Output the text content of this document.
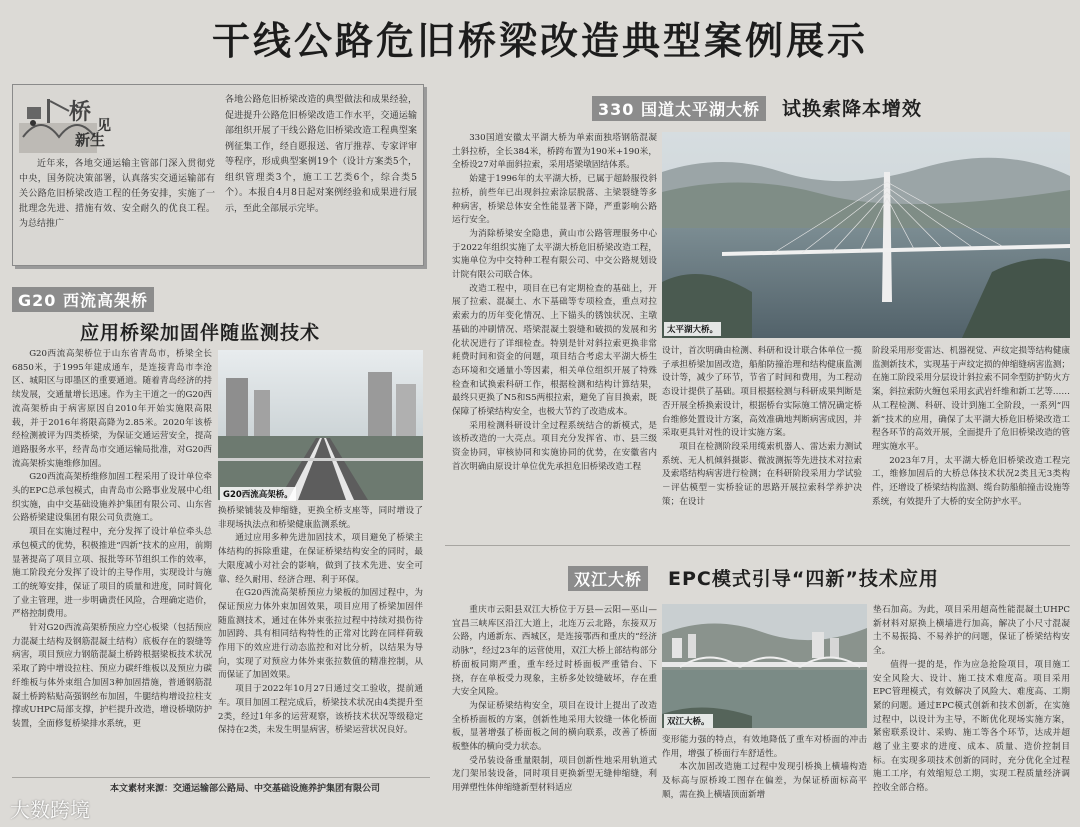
干线公路危旧桥梁改造典型案例展示
桥
见
新生

近年来，各地交通运输主管部门深入贯彻党中央，国务院决策部署，认真落实交通运输部有关公路危旧桥梁改造工程的任务安排，实施了一批理念先进、措施有效、安全耐久的优良工程。为总结推广

各地公路危旧桥梁改造的典型做法和成果经验，促进提升公路危旧桥梁改造工作水平，交通运输部组织开展了干线公路危旧桥梁改造工程典型案例征集工作，经自愿报送、省厅推荐、专家评审等程序，形成典型案例19个（设计方案类5个，组织管理类3个，施工工艺类6个，综合类5个）。本报自4月8日起对案例经验和成果进行展示，至此全部展示完毕。

G20 西流高架桥
应用桥梁加固伴随监测技术

G20西流高架桥位于山东省青岛市，桥梁全长6850米，于1995年建成通车，是连接青岛市李沧区、城阳区与即墨区的重要通道。随着青岛经济的持续发展，交通量增长迅速。作为主干道之一的G20西流高架桥由于病害原因自2010年开始实施限高限载，并于2016年将限高降为2.85米。2020年该桥经检测被评为四类桥梁，为保证交通运营安全，提高道路服务水平，经青岛市交通运输局批准，对G20西流高架桥实施维修加固。

G20西流高架桥维修加固工程采用了设计单位牵头的EPC总承包模式，由青岛市公路事业发展中心组织实施，由中交基础设施养护集团有限公司、山东省公路桥梁建设集团有限公司负责施工。

项目在实施过程中，充分发挥了设计单位牵头总承包模式的优势，积极推进“四新”技术的应用，前期显著提高了项目立项、报批等环节组织工作的效率，施工阶段充分发挥了设计的主导作用，实现设计与施工的统筹安排，保证了项目的质量和进度，同时简化了业主管理，进一步明确责任风险，合理确定造价，严格控制费用。

针对G20西流高架桥预应力空心板梁（包括预应力混凝土结构及钢筋混凝土结构）底板存在的裂缝等病害，项目预应力钢筋混凝土桥跨根据梁板技术状况采取了跨中增设拉柱、预应力碳纤维板以及预应力碳纤维板与体外束组合加固3种加固措施，普通钢筋混凝土桥跨粘贴高强钢丝布加固，牛腿结构增设拉柱支撑或UHPC局部支撑，护栏提升改造，增设桥墩防护装置，全面修复桥梁排水系统，更

G20西流高架桥。

换桥梁铺装及伸缩缝，更换全桥支座等，同时增设了非现场执法点和桥梁健康监测系统。

通过应用多种先进加固技术，项目避免了桥梁主体结构的拆除重建，在保证桥梁结构安全的同时，最大限度减小对社会的影响，做到了技术先进、安全可靠、经久耐用、经济合理、利于环保。

在G20西流高架桥预应力梁板的加固过程中，为保证预应力体外束加固效果，项目应用了桥梁加固伴随监测技术，通过在体外束张拉过程中持续对损伤待加固跨、具有相同结构特性的正常对比跨在同样荷载作用下的效应进行动态监控和对比分析，以结果为导向，实现了对预应力体外束张拉数值的精准控制，从而保证了加固效果。

项目于2022年10月27日通过交工验收，提前通车。项目加固工程完成后，桥梁技术状况由4类提升至2类，经过1年多的运营观察，该桥技术状况等级稳定保持在2类，未发生明显病害，桥梁运营状况良好。

本文素材来源：交通运输部公路局、中交基础设施养护集团有限公司
330 国道太平湖大桥	试换索降本增效

330国道安徽太平湖大桥为单索面独塔钢筋混凝土斜拉桥，全长384米，桥跨布置为190米+190米，全桥设27对单面斜拉索，采用塔梁墩固结体系。

始建于1996年的太平湖大桥，已属于超龄服役斜拉桥，前些年已出现斜拉索涂层脱落、主梁裂缝等多种病害，桥梁总体安全性能显著下降，严重影响公路运行安全。

为消除桥梁安全隐患，黄山市公路管理服务中心于2022年组织实施了太平湖大桥危旧桥梁改造工程，实施单位为中交特种工程有限公司、中交公路规划设计院有限公司联合体。

改造工程中，项目在已有定期检查的基础上，开展了拉索、混凝土、水下基础等专项检查，重点对拉索索力的历年变化情况、上下锚头的锈蚀状况、主墩基础的冲刷情况、塔梁混凝土裂缝和破损的发展和劣化状况进行了详细检查。特别是针对斜拉索更换非常耗费时间和资金的问题，项目结合考虑太平湖大桥生态环境和交通量小等因素，相关单位组织开展了特殊检查和试换索科研工作，根据检测和结构计算结果，最终只更换了N5和S5两根拉索，避免了盲目换索，既保障了桥梁结构安全，也极大节约了改造成本。

采用检测科研设计全过程系统结合的新模式，是该桥改造的一大亮点。项目充分发挥省、市、县三级资金协同，审核协同和实施协同的优势，在安徽省内首次明确由原设计单位优先承担危旧桥梁改造工程

太平湖大桥。

设计，首次明确由检测、科研和设计联合体单位一揽子承担桥梁加固改造，船舶防撞治理和结构健康监测设计等，减少了环节，节省了时间和费用，为工程动态设计提供了基础。项目根据检测与科研成果判断是否开展全桥换索设计，根据桥台实际施工情况确定桥台维修处置设计方案，高效准确地判断病害成因，并采取更具针对性的设计实施方案。

项目在检测阶段采用缆索机器人、雷达索力测试系统、无人机倾斜摄影、微波测振等先进技术对拉索及索塔结构病害进行检测；在科研阶段采用力学试验－评估模型－实桥验证的思路开展拉索科学养护决策；在设计

阶段采用形变雷达、机器视觉、声纹定损等结构健康监测新技术，实现基于声纹定损的伸缩缝病害监测；在施工阶段采用分层设计斜拉索不同伞型防护防火方案，斜拉索防火缠包采用玄武岩纤维和新工艺等……从工程检测、科研、设计到施工全阶段，一系列“四新”技术的应用，确保了太平湖大桥危旧桥梁改造工程各环节的高效开展，全面提升了危旧桥梁改造的管理实施水平。

2023年7月，太平湖大桥危旧桥梁改造工程完工，维修加固后的大桥总体技术状况2类且无3类构件，还增设了桥梁结构监测、缆台防船舶撞击设施等系统，有效提升了大桥的安全防护水平。

双江大桥	EPC模式引导“四新”技术应用

重庆市云阳县双江大桥位于万县—云阳—巫山—宜昌三峡库区沿江大道上，北连万云北路，东接双万公路，内通新东、西城区，是连接鄂西和重庆的“经济动脉”，经过23年的运营使用，双江大桥上部结构部分桥面板同期严重，重车经过时桥面板严重错台、下挠，存在单板受力现象，主桥多处铰缝破坏，存在重大安全风险。

为保证桥梁结构安全，项目在设计上提出了改造全桥桥面板的方案，创新性地采用大铰缝一体化桥面板，显著增强了桥面板之间的横向联系，改善了桥面板整体的横向受力状态。

受吊装设备重量限制，项目创新性地采用轨道式龙门架吊装设备，同时项目更换新型无缝伸缩缝，利用弹塑性体伸缩缝新型材料适应

双江大桥。

变形能力强的特点，有效地降低了重车对桥面的冲击作用，增强了桥面行车舒适性。

本次加固改造施工过程中发现引桥换上横墙构造及标高与原桥竣工图存在偏差，为保证桥面标高平顺，需在换上横墙顶面新增

垫石加高。为此，项目采用超高性能混凝土UHPC新材料对原换上横墙进行加高，解决了小尺寸混凝土不易振捣、不易养护的问题，保证了桥梁结构安全。

值得一提的是，作为应急抢险项目，项目施工安全风险大、设计、施工技术难度高。项目采用EPC管理模式，有效解决了风险大、难度高、工期紧的问题。通过EPC模式创新和技术创新，在实施过程中，以设计为主导，不断优化现场实施方案，紧密联系设计、采购、施工等各个环节，达成并超越了业主要求的进度、成本、质量、造价控制目标。在实现多项技术创新的同时，充分优化全过程施工工序，有效缩短总工期，实现工程质量经济调控收全部合格。

大数跨境
